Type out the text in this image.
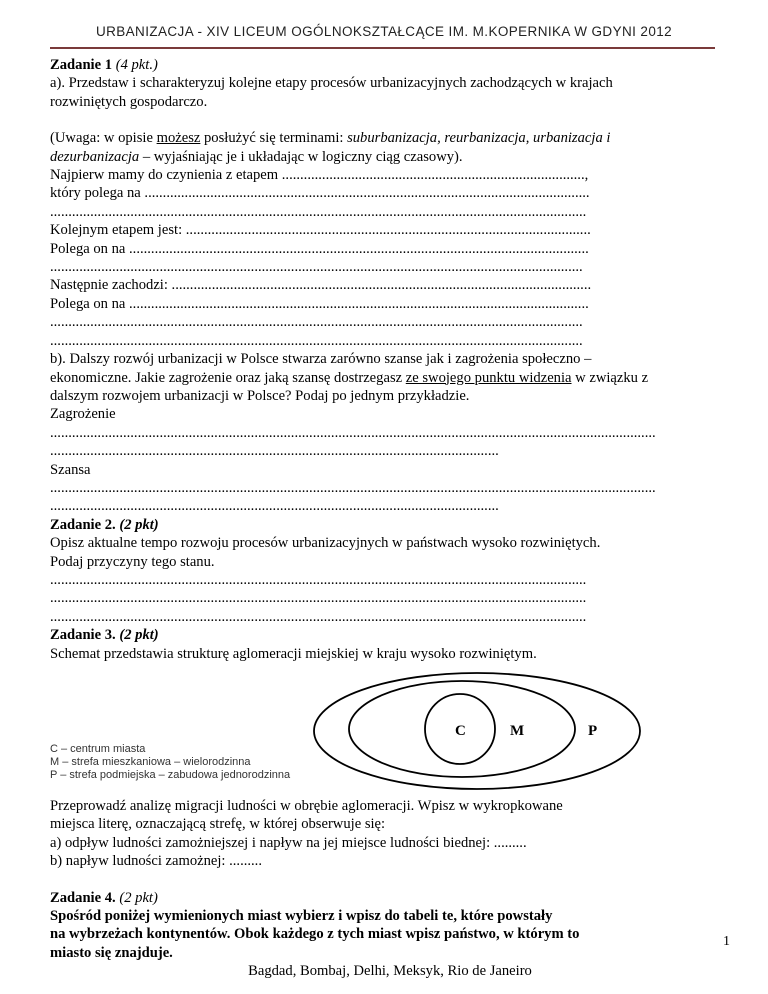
URBANIZACJA - XIV LICEUM OGÓLNOKSZTAŁCĄCE IM. M.KOPERNIKA W GDYNI 2012
Zadanie 1 (4 pkt.)
a). Przedstaw i scharakteryzuj kolejne etapy procesów urbanizacyjnych zachodzących w krajach
rozwiniętych gospodarczo.
(Uwaga: w opisie możesz posłużyć się terminami: suburbanizacja, reurbanizacja, urbanizacja i
dezurbanizacja – wyjaśniając je i układając w logiczny ciąg czasowy).
Najpierw mamy do czynienia z etapem ...................................................................................,
który polega na ..........................................................................................................................
...................................................................................................................................................
Kolejnym etapem jest: ...............................................................................................................
Polega on na ..............................................................................................................................
..................................................................................................................................................
Następnie zachodzi: ...................................................................................................................
Polega on na ..............................................................................................................................
..................................................................................................................................................
..................................................................................................................................................
b). Dalszy rozwój urbanizacji w Polsce stwarza zarówno szanse jak i zagrożenia społeczno –
ekonomiczne. Jakie zagrożenie oraz jaką szansę dostrzegasz ze swojego punktu widzenia w związku z
dalszym rozwojem urbanizacji w Polsce? Podaj po jednym przykładzie.
Zagrożenie
......................................................................................................................................................................
...........................................................................................................................
Szansa
......................................................................................................................................................................
...........................................................................................................................
Zadanie 2. (2 pkt)
Opisz aktualne tempo rozwoju procesów urbanizacyjnych w państwach wysoko rozwiniętych.
Podaj przyczyny tego stanu.
...................................................................................................................................................
...................................................................................................................................................
...................................................................................................................................................
Zadanie 3. (2 pkt)
Schemat przedstawia strukturę aglomeracji miejskiej w kraju wysoko rozwiniętym.
C	M	P
C – centrum miasta
M – strefa mieszkaniowa – wielorodzinna
P – strefa podmiejska – zabudowa jednorodzinna
Przeprowadź analizę migracji ludności w obrębie aglomeracji. Wpisz w wykropkowane
miejsca literę, oznaczającą strefę, w której obserwuje się:
a) odpływ ludności zamożniejszej i napływ na jej miejsce ludności biednej: .........
b) napływ ludności zamożnej: .........
Zadanie 4. (2 pkt)
Spośród poniżej wymienionych miast wybierz i wpisz do tabeli te, które powstały
na wybrzeżach kontynentów. Obok każdego z tych miast wpisz państwo, w którym to
miasto się znajduje.
Bagdad, Bombaj, Delhi, Meksyk, Rio de Janeiro
1
